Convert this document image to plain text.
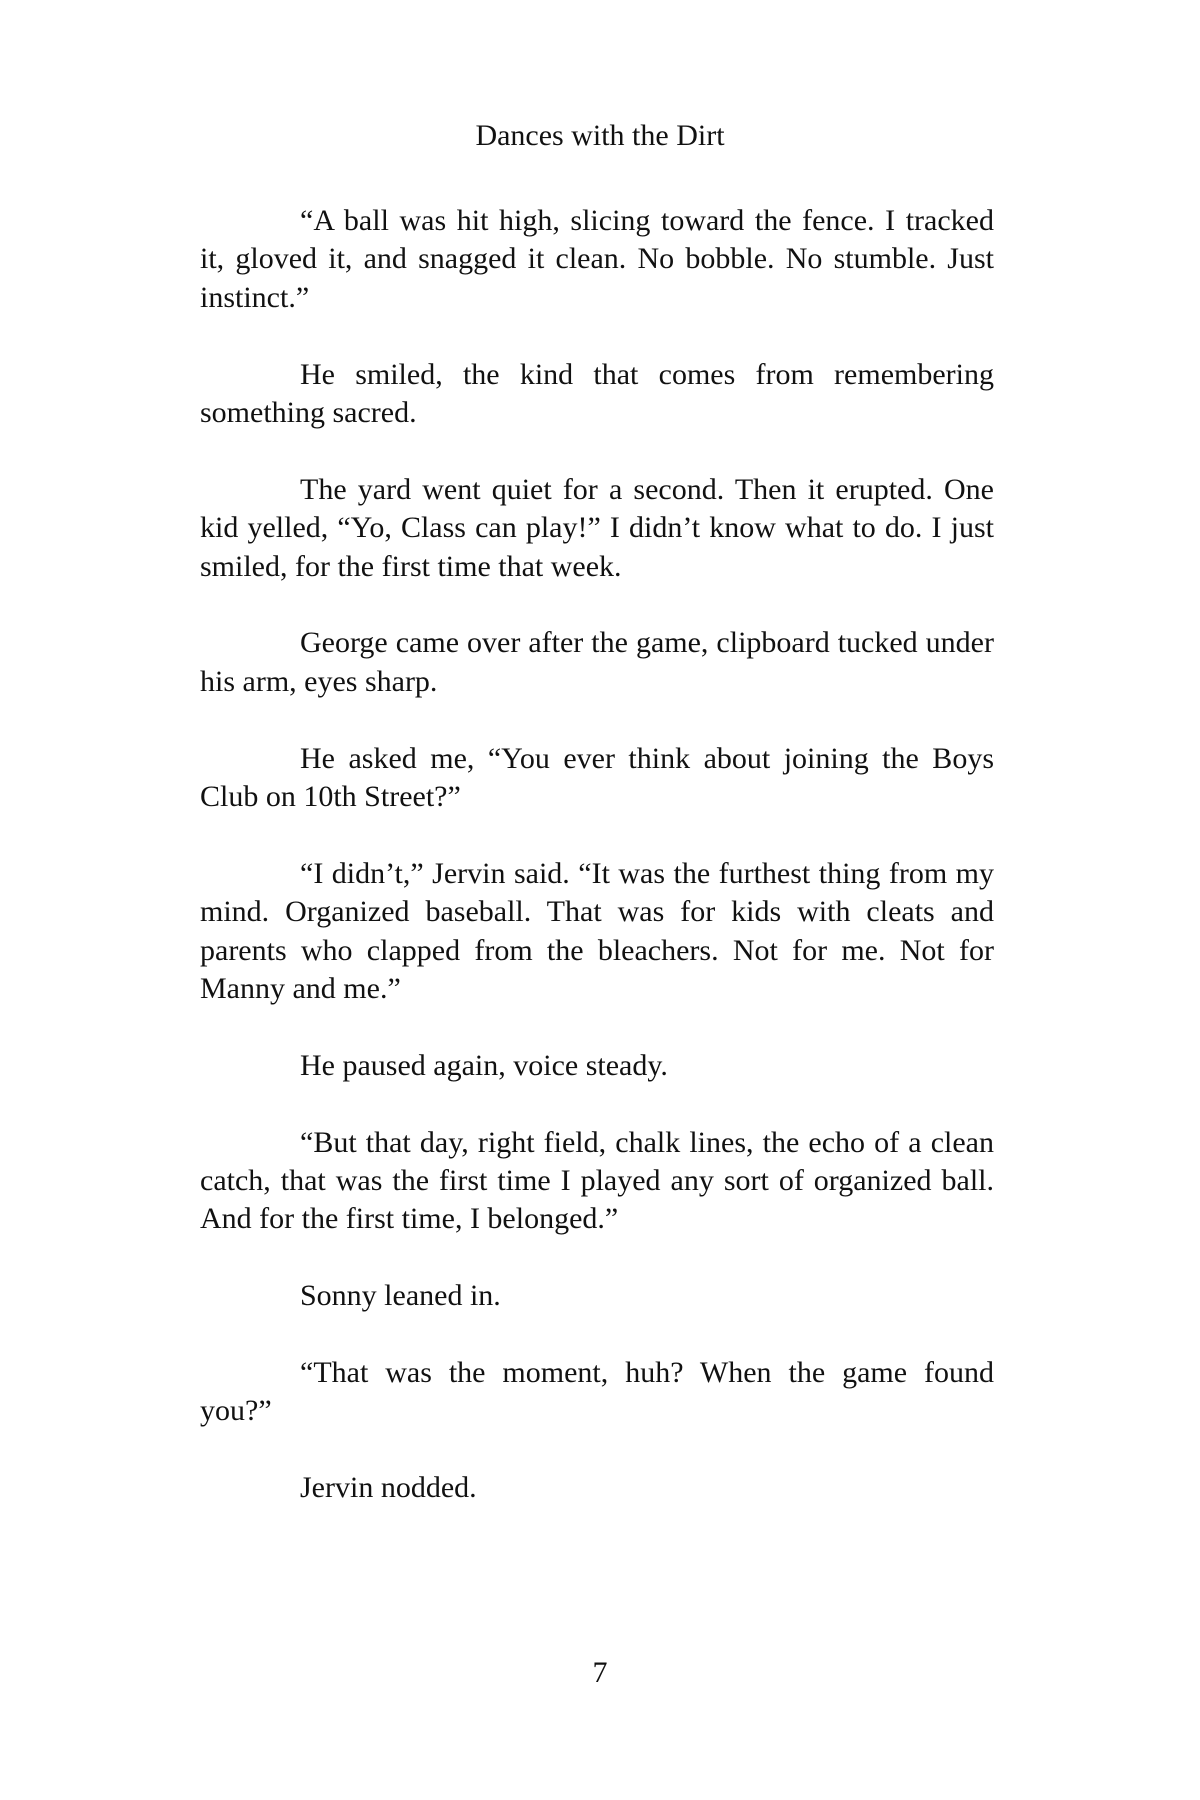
Dances with the Dirt

“A ball was hit high, slicing toward the fence. I tracked it, gloved it, and snagged it clean. No bobble. No stumble. Just instinct.”

He smiled, the kind that comes from remembering something sacred.

The yard went quiet for a second. Then it erupted. One kid yelled, “Yo, Class can play!” I didn’t know what to do. I just smiled, for the first time that week.

George came over after the game, clipboard tucked under his arm, eyes sharp.

He asked me, “You ever think about joining the Boys Club on 10th Street?”

“I didn’t,” Jervin said. “It was the furthest thing from my mind. Organized baseball. That was for kids with cleats and parents who clapped from the bleachers. Not for me. Not for Manny and me.”

He paused again, voice steady.

“But that day, right field, chalk lines, the echo of a clean catch, that was the first time I played any sort of organized ball. And for the first time, I belonged.”

Sonny leaned in.

“That was the moment, huh? When the game found you?”

Jervin nodded.

7
